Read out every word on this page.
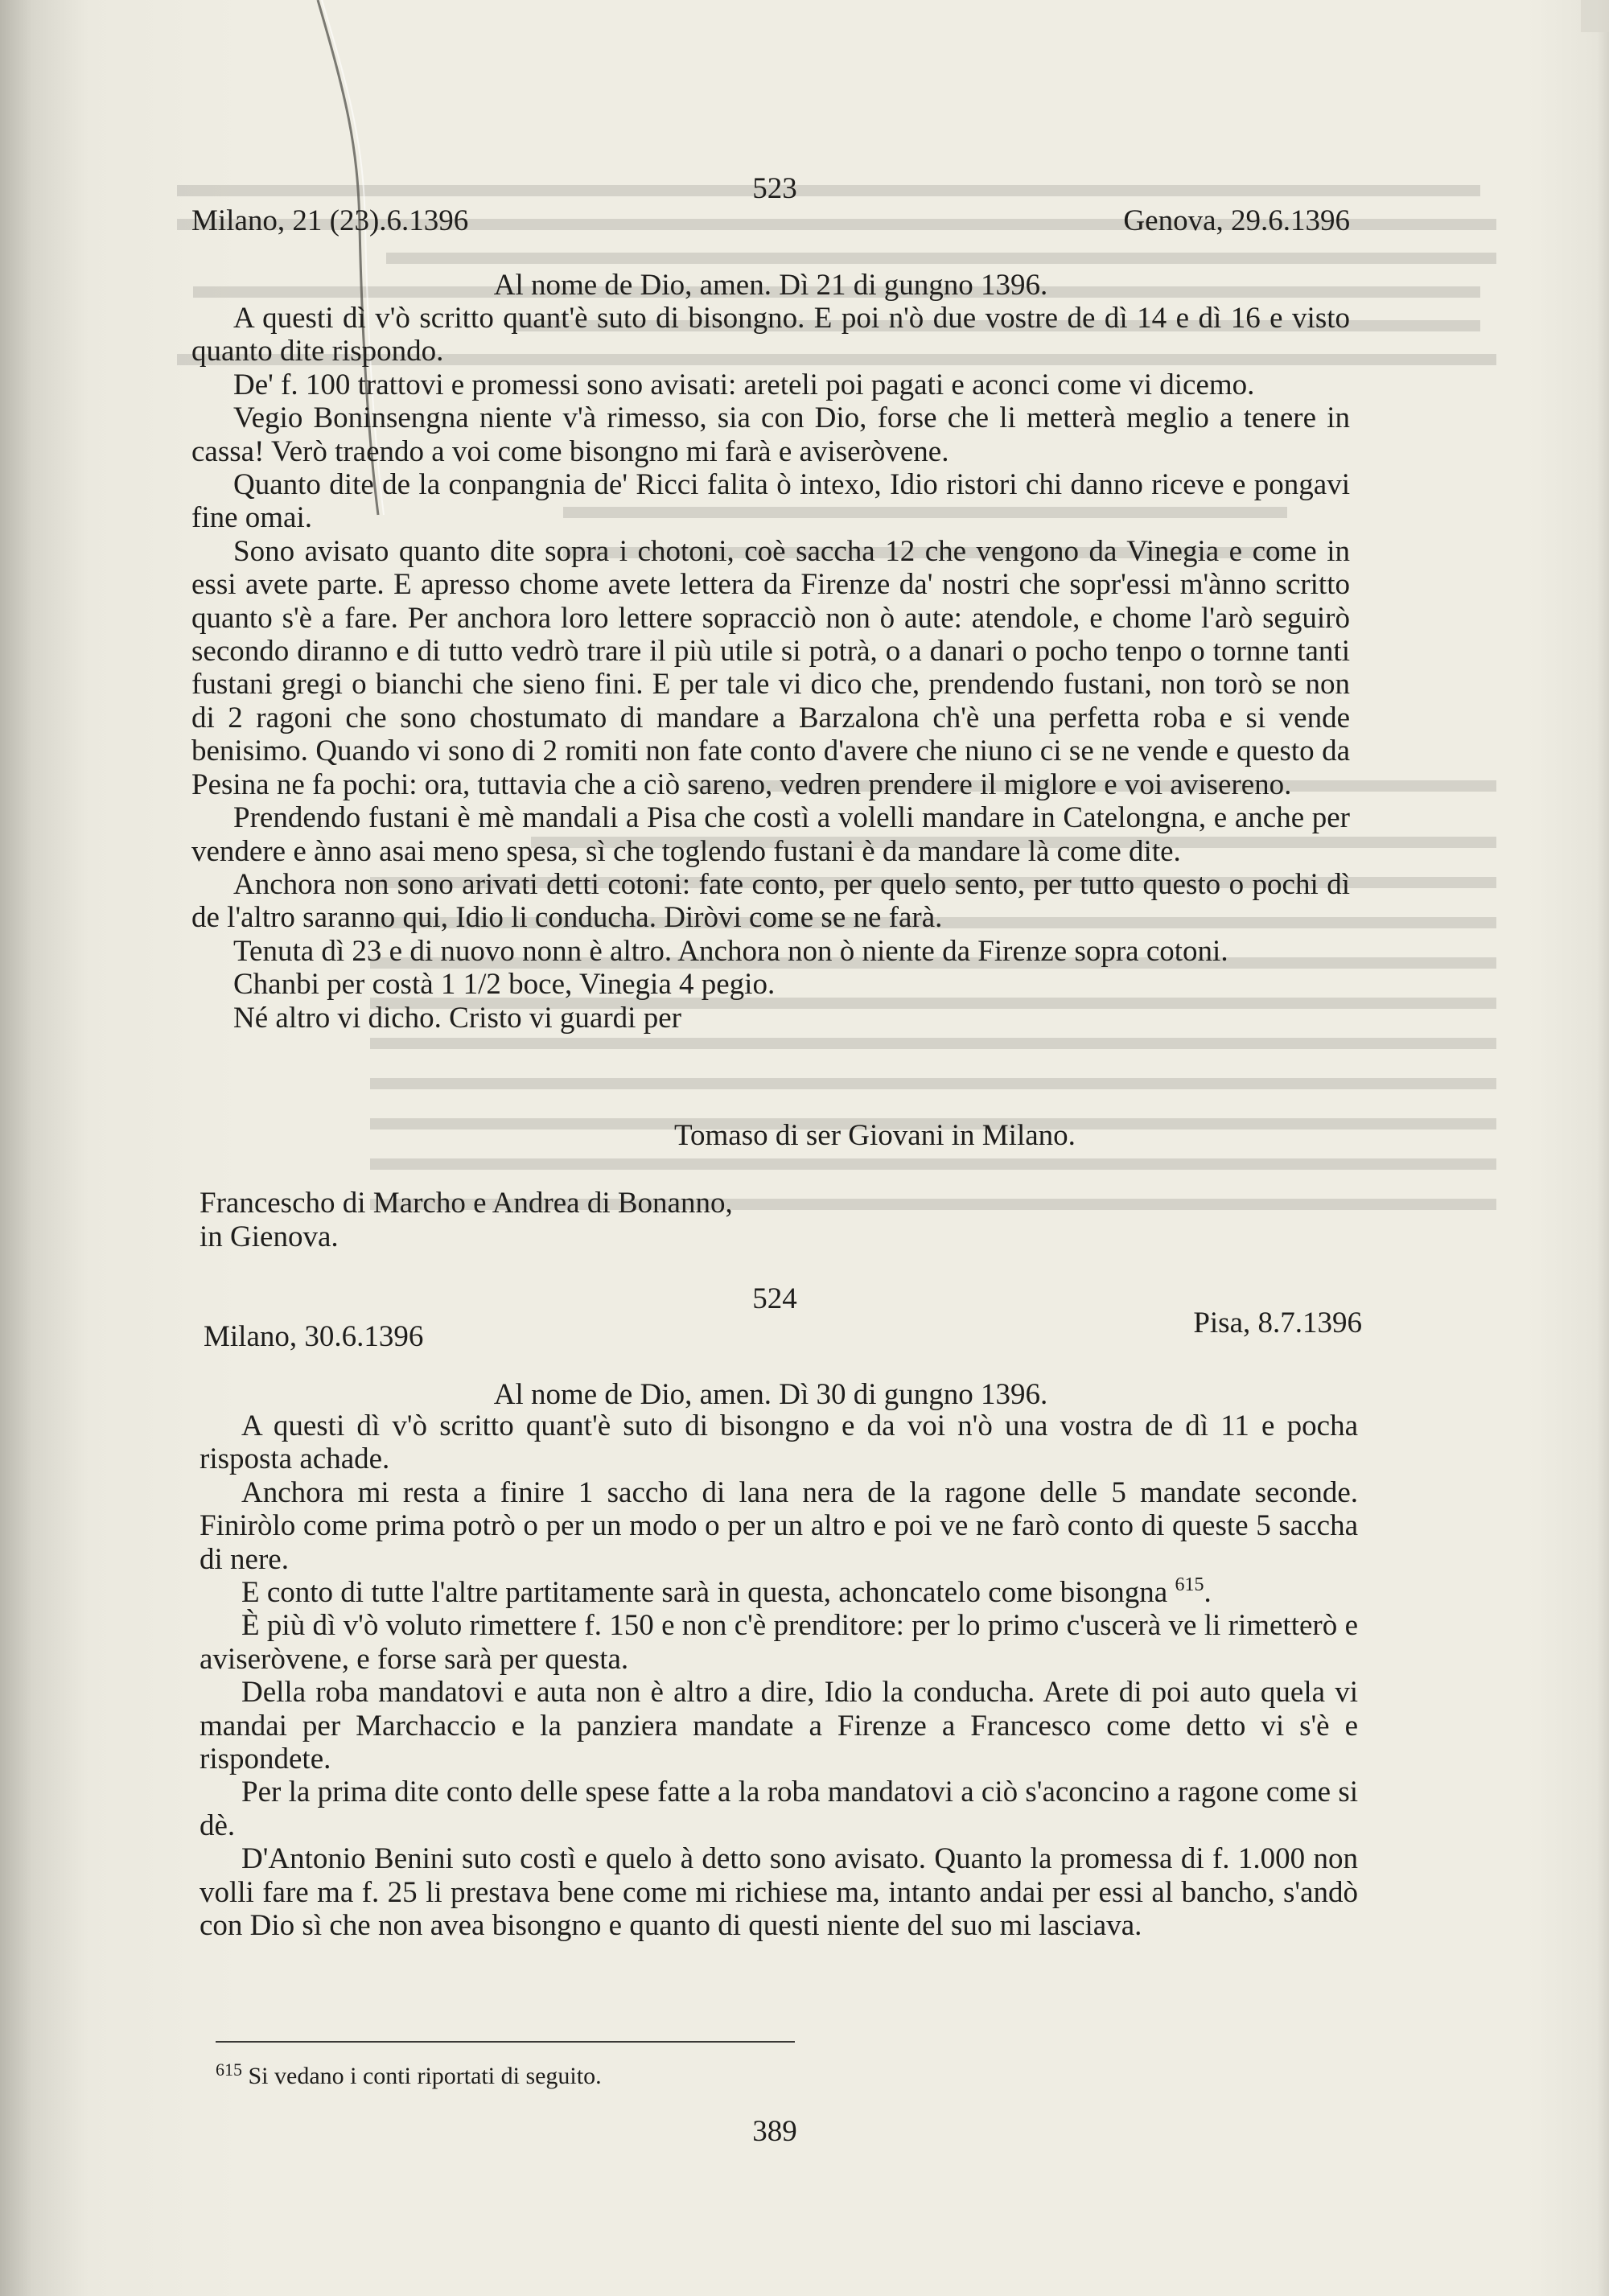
523
Milano, 21 (23).6.1396	Genova, 29.6.1396
Al nome de Dio, amen. Dì 21 di gungno 1396.

A questi dì v'ò scritto quant'è suto di bisongno. E poi n'ò due vostre de dì 14 e dì 16 e visto quanto dite rispondo.

De' f. 100 trattovi e promessi sono avisati: areteli poi pagati e aconci come vi dicemo.

Vegio Boninsengna niente v'à rimesso, sia con Dio, forse che li metterà meglio a tenere in cassa! Verò traendo a voi come bisongno mi farà e aviseròvene.

Quanto dite de la conpangnia de' Ricci falita ò intexo, Idio ristori chi danno riceve e pongavi fine omai.

Sono avisato quanto dite sopra i chotoni, coè saccha 12 che vengono da Vinegia e come in essi avete parte. E apresso chome avete lettera da Firenze da' nostri che sopr'essi m'ànno scritto quanto s'è a fare. Per anchora loro lettere sopracciò non ò aute: atendole, e chome l'arò seguirò secondo diranno e di tutto vedrò trare il più utile si potrà, o a danari o pocho tenpo o tornne tanti fustani gregi o bianchi che sieno fini. E per tale vi dico che, prendendo fustani, non torò se non di 2 ragoni che sono chostumato di mandare a Barzalona ch'è una perfetta roba e si vende benisimo. Quando vi sono di 2 romiti non fate conto d'avere che niuno ci se ne vende e questo da Pesina ne fa pochi: ora, tuttavia che a ciò sareno, vedren prendere il miglore e voi avisereno.

Prendendo fustani è mè mandali a Pisa che costì a volelli mandare in Catelongna, e anche per vendere e ànno asai meno spesa, sì che toglendo fustani è da mandare là come dite.

Anchora non sono arivati detti cotoni: fate conto, per quelo sento, per tutto questo o pochi dì de l'altro saranno qui, Idio li conducha. Diròvi come se ne farà.

Tenuta dì 23 e di nuovo nonn è altro. Anchora non ò niente da Firenze sopra cotoni.

Chanbi per costà 1 1/2 boce, Vinegia 4 pegio.

Né altro vi dicho. Cristo vi guardi per

Tomaso di ser Giovani in Milano.
Francescho di Marcho e Andrea di Bonanno,
in Gienova.
524
Milano, 30.6.1396	Pisa, 8.7.1396
Al nome de Dio, amen. Dì 30 di gungno 1396.

A questi dì v'ò scritto quant'è suto di bisongno e da voi n'ò una vostra de dì 11 e pocha risposta achade.

Anchora mi resta a finire 1 saccho di lana nera de la ragone delle 5 mandate seconde. Finiròlo come prima potrò o per un modo o per un altro e poi ve ne farò conto di queste 5 saccha di nere.

E conto di tutte l'altre partitamente sarà in questa, achoncatelo come bisongna $^{615}$.

È più dì v'ò voluto rimettere f. 150 e non c'è prenditore: per lo primo c'uscerà ve li rimetterò e aviseròvene, e forse sarà per questa.

Della roba mandatovi e auta non è altro a dire, Idio la conducha. Arete di poi auto quela vi mandai per Marchaccio e la panziera mandate a Firenze a Francesco come detto vi s'è e rispondete.

Per la prima dite conto delle spese fatte a la roba mandatovi a ciò s'aconcino a ragone come si dè.

D'Antonio Benini suto costì e quelo à detto sono avisato. Quanto la promessa di f. 1.000 non volli fare ma f. 25 li prestava bene come mi richiese ma, intanto andai per essi al bancho, s'andò con Dio sì che non avea bisongno e quanto di questi niente del suo mi lasciava.

$^{615}$ Si vedano i conti riportati di seguito.
389
